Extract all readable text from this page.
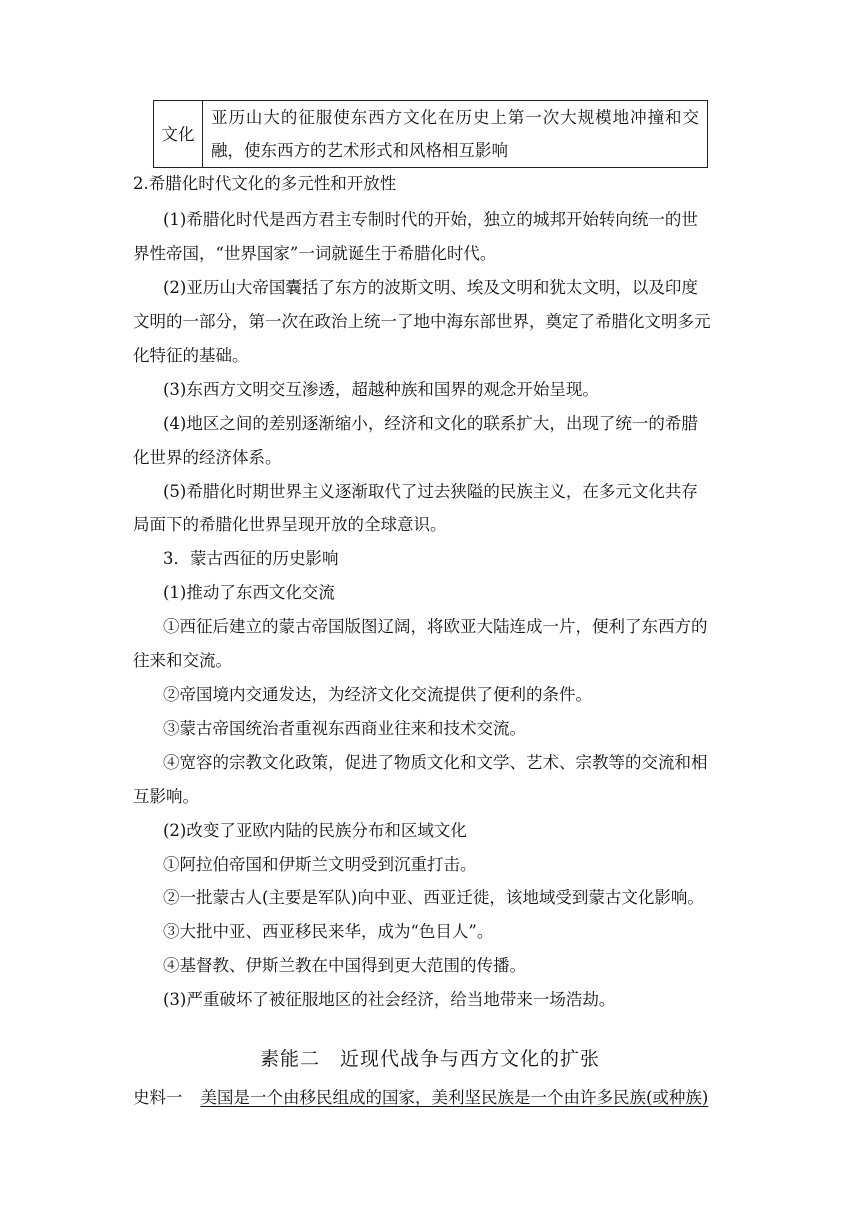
文化	亚历山大的征服使东西方文化在历史上第一次大规模地冲撞和交融，使东西方的艺术形式和风格相互影响
2.希腊化时代文化的多元性和开放性
(1)希腊化时代是西方君主专制时代的开始，独立的城邦开始转向统一的世
界性帝国，“世界国家”一词就诞生于希腊化时代。
(2)亚历山大帝国囊括了东方的波斯文明、埃及文明和犹太文明，以及印度
文明的一部分，第一次在政治上统一了地中海东部世界，奠定了希腊化文明多元
化特征的基础。
(3)东西方文明交互渗透，超越种族和国界的观念开始呈现。
(4)地区之间的差别逐渐缩小，经济和文化的联系扩大，出现了统一的希腊
化世界的经济体系。
(5)希腊化时期世界主义逐渐取代了过去狭隘的民族主义，在多元文化共存
局面下的希腊化世界呈现开放的全球意识。
3．蒙古西征的历史影响
(1)推动了东西文化交流
①西征后建立的蒙古帝国版图辽阔，将欧亚大陆连成一片，便利了东西方的
往来和交流。
②帝国境内交通发达，为经济文化交流提供了便利的条件。
③蒙古帝国统治者重视东西商业往来和技术交流。
④宽容的宗教文化政策，促进了物质文化和文学、艺术、宗教等的交流和相
互影响。
(2)改变了亚欧内陆的民族分布和区域文化
①阿拉伯帝国和伊斯兰文明受到沉重打击。
②一批蒙古人(主要是军队)向中亚、西亚迁徙，该地域受到蒙古文化影响。
③大批中亚、西亚移民来华，成为“色目人”。
④基督教、伊斯兰教在中国得到更大范围的传播。
(3)严重破坏了被征服地区的社会经济，给当地带来一场浩劫。
素能二　近现代战争与西方文化的扩张
史料一 美国是一个由移民组成的国家，美利坚民族是一个由许多民族(或种族)
